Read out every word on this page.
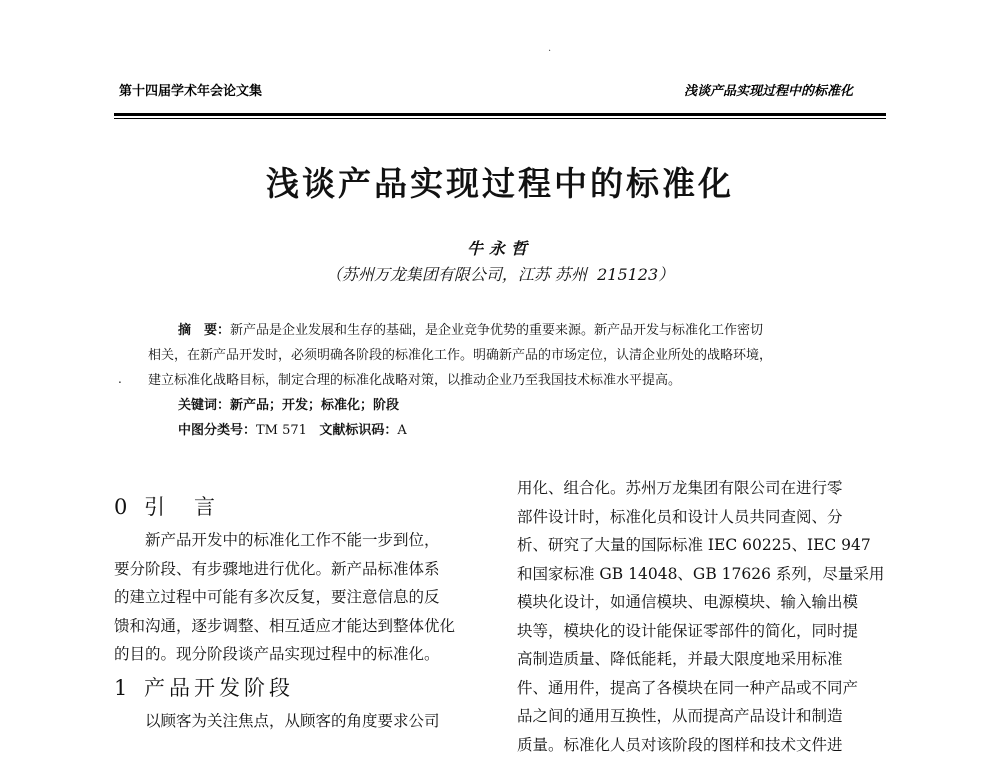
·
第十四届学术年会论文集	浅谈产品实现过程中的标准化
浅谈产品实现过程中的标准化
牛永哲
（苏州万龙集团有限公司，江苏 苏州  215123）
.
摘　要：新产品是企业发展和生存的基础，是企业竞争优势的重要来源。新产品开发与标准化工作密切
相关，在新产品开发时，必须明确各阶段的标准化工作。明确新产品的市场定位，认清企业所处的战略环境，
建立标准化战略目标，制定合理的标准化战略对策，以推动企业乃至我国技术标准水平提高。
关键词：新产品；开发；标准化；阶段
中图分类号：TM 571 文献标识码：A
0 引　言
新产品开发中的标准化工作不能一步到位，
要分阶段、有步骤地进行优化。新产品标准体系
的建立过程中可能有多次反复，要注意信息的反
馈和沟通，逐步调整、相互适应才能达到整体优化
的目的。现分阶段谈产品实现过程中的标准化。
1 产品开发阶段
以顾客为关注焦点，从顾客的角度要求公司
用化、组合化。苏州万龙集团有限公司在进行零
部件设计时，标准化员和设计人员共同查阅、分
析、研究了大量的国际标准 IEC 60225、IEC 947
和国家标准 GB 14048、GB 17626 系列，尽量采用
模块化设计，如通信模块、电源模块、输入输出模
块等，模块化的设计能保证零部件的简化，同时提
高制造质量、降低能耗，并最大限度地采用标准
件、通用件，提高了各模块在同一种产品或不同产
品之间的通用互换性，从而提高产品设计和制造
质量。标准化人员对该阶段的图样和技术文件进
